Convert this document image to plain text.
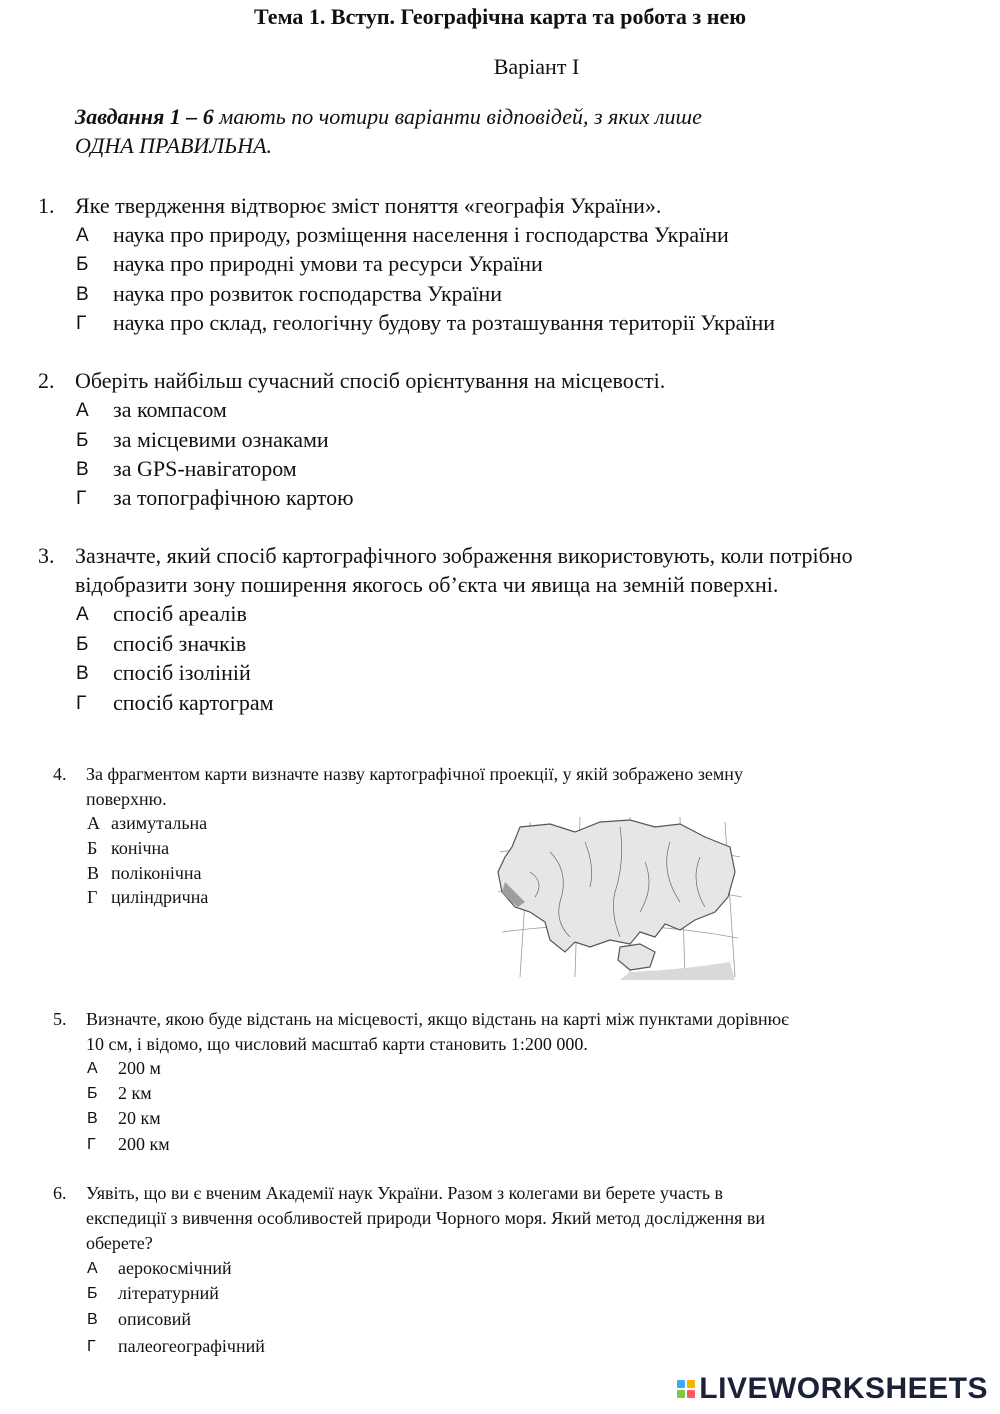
Тема 1. Вступ. Географічна карта та робота з нею
Варіант І
Завдання 1 – 6 мають по чотири варіанти відповідей, з яких лише
ОДНА ПРАВИЛЬНА.
1. Яке твердження відтворює зміст поняття «географія України».
А наука про природу, розміщення населення і господарства України
Б наука про природні умови та ресурси України
В наука про розвиток господарства України
Г наука про склад, геологічну будову та розташування території України
2. Оберіть найбільш сучасний спосіб орієнтування на місцевості.
А за компасом
Б за місцевими ознаками
В за GPS-навігатором
Г за топографічною картою
3. Зазначте, який спосіб картографічного зображення використовують, коли потрібно
відобразити зону поширення якогось об’єкта чи явища на земній поверхні.
А спосіб ареалів
Б спосіб значків
В спосіб ізоліній
Г спосіб картограм
4. За фрагментом карти визначте назву картографічної проекції, у якій зображено земну
поверхню.
А азимутальна
Б конічна
В поліконічна
Г циліндрична
5. Визначте, якою буде відстань на місцевості, якщо відстань на карті між пунктами дорівнює
10 см, і відомо, що числовий масштаб карти становить 1:200 000.
А 200 м
Б 2 км
В 20 км
Г 200 км
6. Уявіть, що ви є вченим Академії наук України. Разом з колегами ви берете участь в
експедиції з вивчення особливостей природи Чорного моря. Який метод дослідження ви
оберете?
А аерокосмічний
Б літературний
В описовий
Г палеогеографічний
LIVEWORKSHEETS
